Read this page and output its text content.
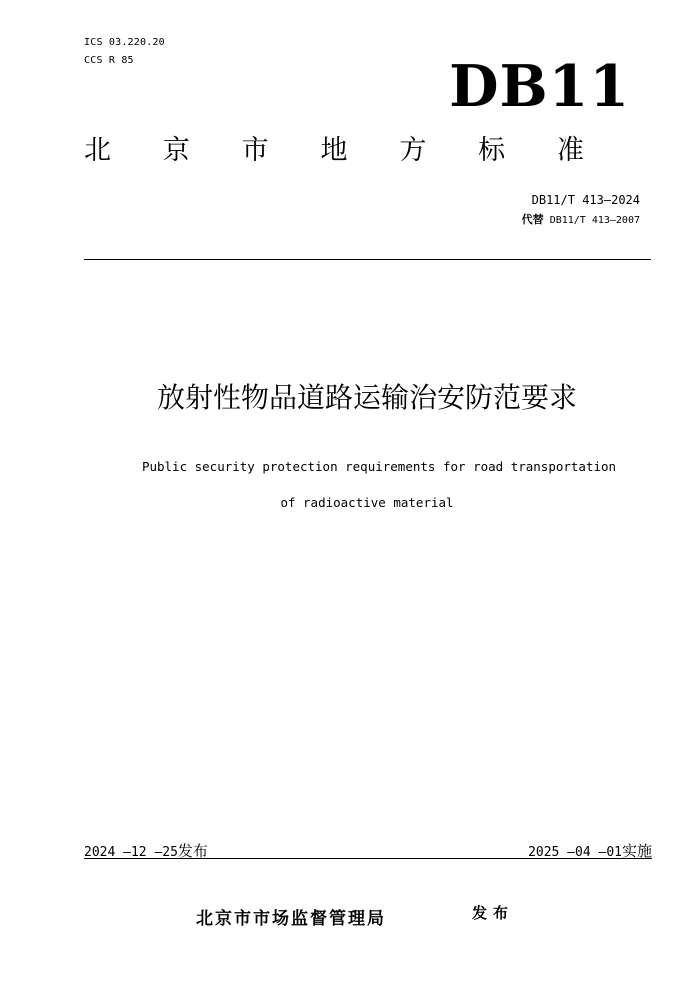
ICS 03.220.20
CCS R 85	DB11
北 京 市 地 方 标 准
DB11/T 413—2024
代替 DB11/T 413—2007
放射性物品道路运输治安防范要求
Public security protection requirements for road transportation
of radioactive material
2024 —12 —25发布	2025 —04 —01实施
北京市市场监督管理局	发布
